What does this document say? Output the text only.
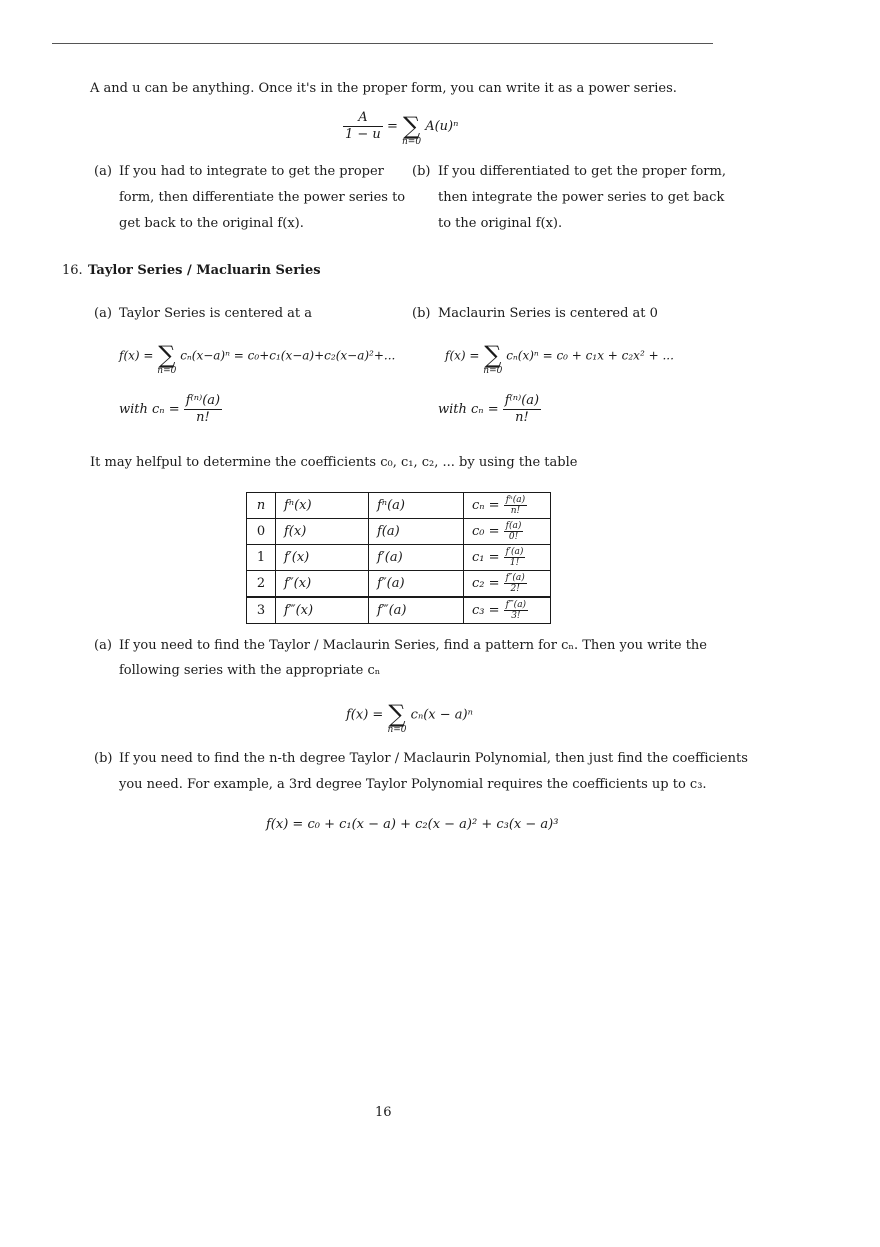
A and u can be anything. Once it's in the proper form, you can write it as a power series.
$\frac{A}{1 - u}$ = ∑
n=0
A(u)ⁿ
(a) If you had to integrate to get the proper
form, then differentiate the power series to
get back to the original f(x).
(b) If you differentiated to get the proper form,
then integrate the power series to get back
to the original f(x).
16. Taylor Series / Macluarin Series
(a) Taylor Series is centered at a	(b) Maclaurin Series is centered at 0
f(x) = ∑
n=0
cₙ(x−a)ⁿ = c₀+c₁(x−a)+c₂(x−a)²+...	f(x) = ∑
n=0
cₙ(x)ⁿ = c₀ + c₁x + c₂x² + ...
with $c_n = \frac{\text{f⁽ⁿ⁾(a)}}{n!}$	with $c_n = \frac{\text{f⁽ⁿ⁾(a)}}{n!}$
It may helfpul to determine the coefficients c₀, c₁, c₂, ... by using the table
n	fⁿ(x)	fⁿ(a)	$c_n = \frac{\text{fⁿ(a)}}{n!}$

0	f(x)	f(a)	$c_0 = \frac{f(a)}{0!}$

1	f′(x)	f′(a)	$c_1 = \frac{f'(a)}{1!}$

2	f″(x)	f″(a)	$c_2 = \frac{f''(a)}{2!}$

3	f‴(x)	f‴(a)	$c_3 = \frac{f‴(a)}{3!}$
(a) If you need to find the Taylor / Maclaurin Series, find a pattern for cₙ. Then you write the
following series with the appropriate cₙ
f(x) = ∑
n=0
cₙ(x − a)ⁿ
(b) If you need to find the n-th degree Taylor / Maclaurin Polynomial, then just find the coefficients
you need. For example, a 3rd degree Taylor Polynomial requires the coefficients up to c₃.
f(x) = c₀ + c₁(x − a) + c₂(x − a)² + c₃(x − a)³
16
